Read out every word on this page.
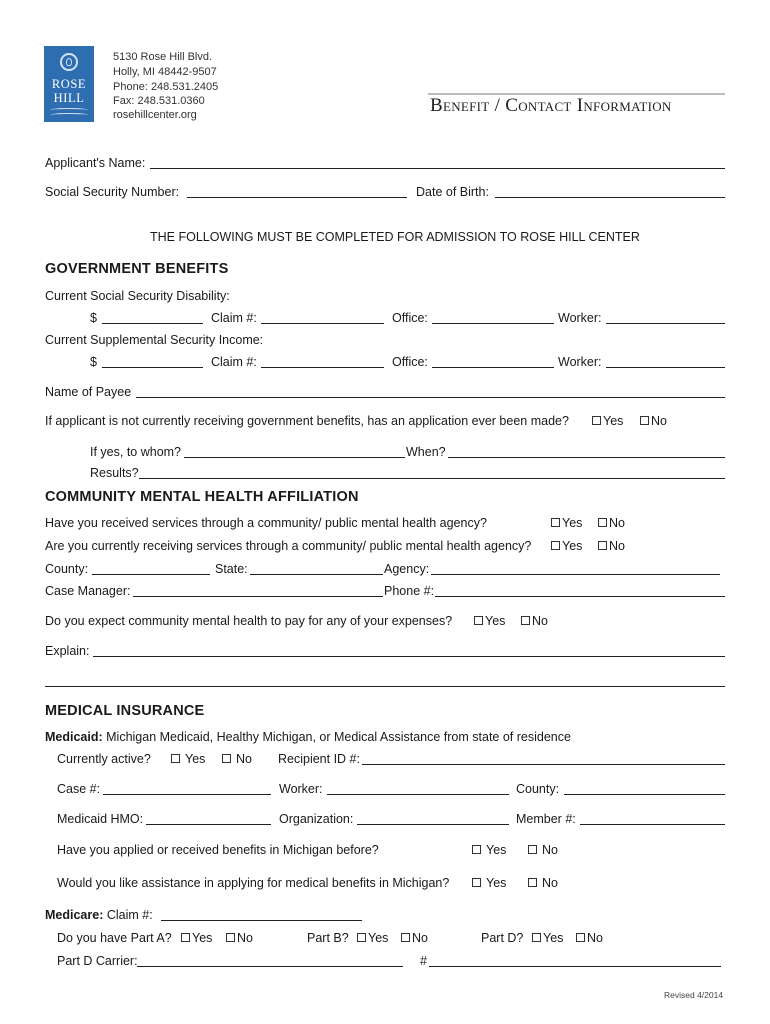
ROSE
HILL
5130 Rose Hill Blvd.
Holly, MI 48442-9507
Phone: 248.531.2405
Fax: 248.531.0360
rosehillcenter.org	Benefit / Contact Information
Applicant's Name:
Social Security Number:	Date of Birth:
THE FOLLOWING MUST BE COMPLETED FOR ADMISSION TO ROSE HILL CENTER
GOVERNMENT BENEFITS
Current Social Security Disability:
$	Claim #:	Office:	Worker:
Current Supplemental Security Income:
$	Claim #:	Office:	Worker:
Name of Payee
If applicant is not currently receiving government benefits, has an application ever been made?	Yes No
If yes, to whom?	When?
Results?
COMMUNITY MENTAL HEALTH AFFILIATION
Have you received services through a community/ public mental health agency?	Yes No
Are you currently receiving services through a community/ public mental health agency? Yes No
County:	State:	Agency:
Case Manager:	Phone #:
Do you expect community mental health to pay for any of your expenses?	Yes No
Explain:
MEDICAL INSURANCE
Medicaid: Michigan Medicaid, Healthy Michigan, or Medical Assistance from state of residence
Currently active?	Yes No Recipient ID #:
Case #:	Worker:	County:
Medicaid HMO:	Organization:	Member #:
Have you applied or received benefits in Michigan before?	Yes	No
Would you like assistance in applying for medical benefits in Michigan?	Yes	No
Medicare: Claim #:
Do you have Part A? Yes No	Part B? Yes No	Part D? Yes No
Part D Carrier:	#
Revised 4/2014
